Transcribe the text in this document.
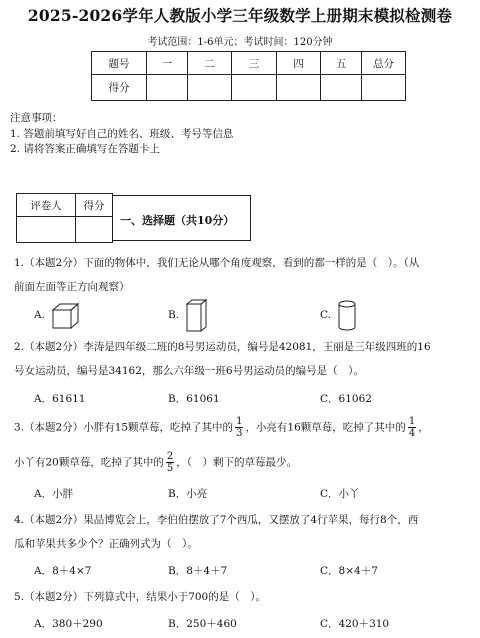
2025-2026学年人教版小学三年级数学上册期末模拟检测卷
考试范围：1-6单元；考试时间：120分钟
题号	一	二	三	四	五	总分
得分						
注意事项：
1. 答题前填写好自己的姓名、班级、考号等信息
2. 请将答案正确填写在答题卡上
评卷人	得分

一、选择题（共10分）
1.（本题2分）下面的物体中，我们无论从哪个角度观察，看到的都一样的是（　）。（从
前面左面等正方向观察）
A.	B.	C.
2.（本题2分）李涛是四年级二班的8号男运动员，编号是42081，王丽是三年级四班的16
号女运动员，编号是34162，那么六年级一班6号男运动员的编号是（　）。
A．61611	B．61061	C．61062
3.（本题2分）小胖有15颗草莓，吃掉了其中的 $\frac{1}{3}$ ，小亮有16颗草莓，吃掉了其中的 $\frac{1}{4}$ ，
小丫有20颗草莓，吃掉了其中的 $\frac{2}{5}$ ，（　）剩下的草莓最少。
A．小胖	B．小亮	C．小丫
4.（本题2分）果品博览会上，李伯伯摆放了7个西瓜，又摆放了4行苹果，每行8个，西
瓜和苹果共多少个？正确列式为（　）。
A．8＋4×7	B．8＋4＋7	C．8×4＋7
5.（本题2分）下列算式中，结果小于700的是（　）。
A．380＋290	B．250＋460	C．420＋310
